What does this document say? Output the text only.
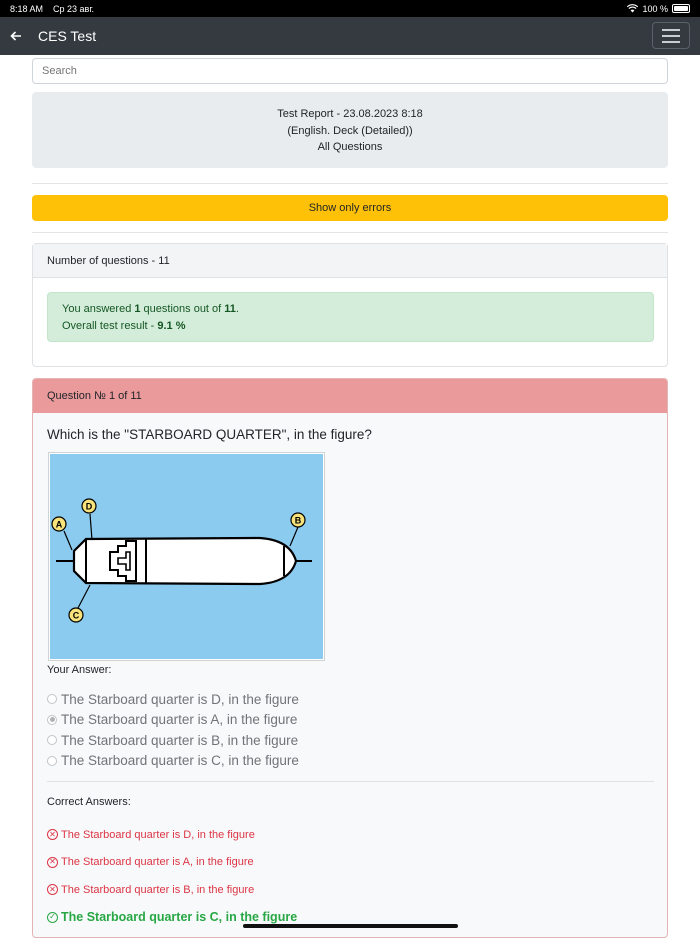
8:18 AM Ср 23 авг.	100 %
CES Test
Search
Test Report - 23.08.2023 8:18
(English. Deck (Detailed))
All Questions
Show only errors
Number of questions - 11
You answered 1 questions out of 11.
Overall test result - 9.1 %
Question № 1 of 11
Which is the "STARBOARD QUARTER", in the figure?
A
D
B
C
Your Answer:
The Starboard quarter is D, in the figure
The Starboard quarter is A, in the figure
The Starboard quarter is B, in the figure
The Starboard quarter is C, in the figure
Correct Answers:
✕ The Starboard quarter is D, in the figure
✕ The Starboard quarter is A, in the figure
✕ The Starboard quarter is B, in the figure
✓ The Starboard quarter is C, in the figure
